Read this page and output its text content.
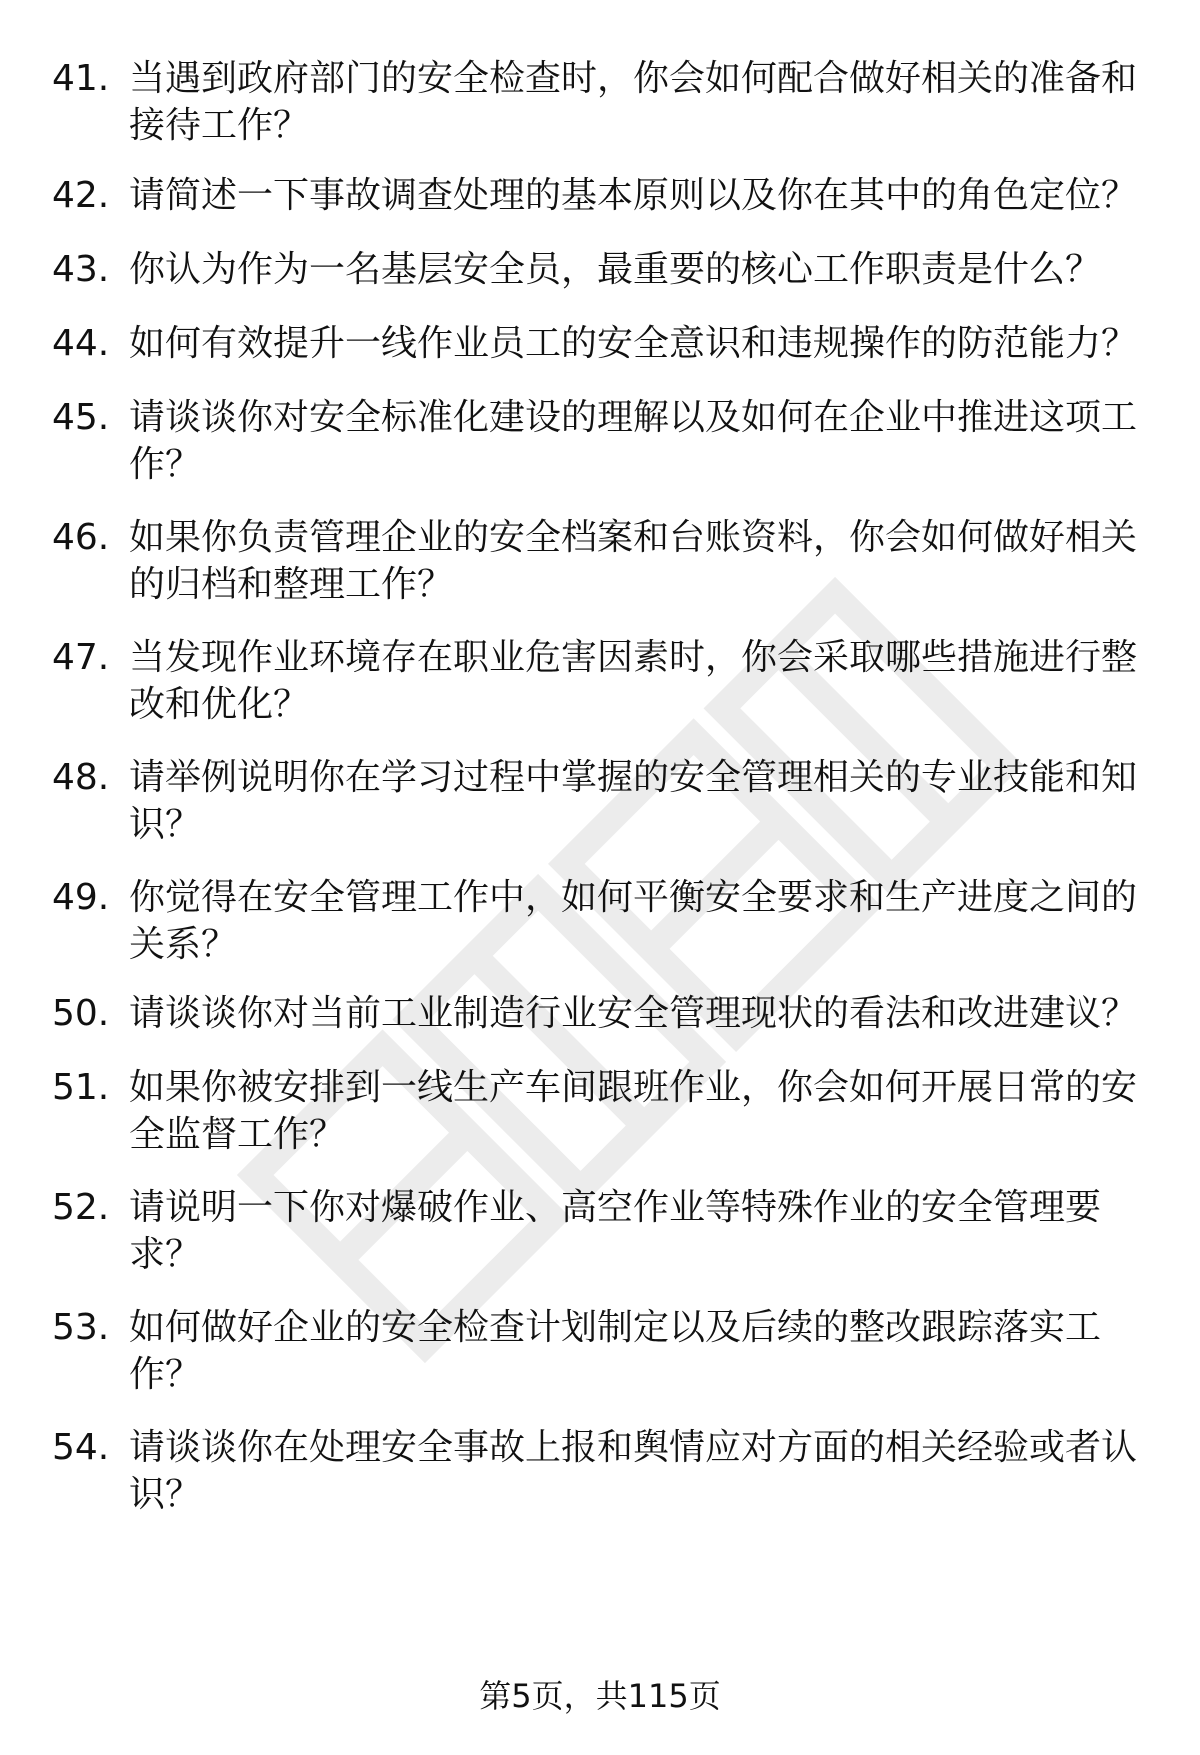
41. 当遇到政府部门的安全检查时，你会如何配合做好相关的准备和接待工作？
42. 请简述一下事故调查处理的基本原则以及你在其中的角色定位？
43. 你认为作为一名基层安全员，最重要的核心工作职责是什么？
44. 如何有效提升一线作业员工的安全意识和违规操作的防范能力？
45. 请谈谈你对安全标准化建设的理解以及如何在企业中推进这项工作？
46. 如果你负责管理企业的安全档案和台账资料，你会如何做好相关的归档和整理工作？
47. 当发现作业环境存在职业危害因素时，你会采取哪些措施进行整改和优化？
48. 请举例说明你在学习过程中掌握的安全管理相关的专业技能和知识？
49. 你觉得在安全管理工作中，如何平衡安全要求和生产进度之间的关系？
50. 请谈谈你对当前工业制造行业安全管理现状的看法和改进建议？
51. 如果你被安排到一线生产车间跟班作业，你会如何开展日常的安全监督工作？
52. 请说明一下你对爆破作业、高空作业等特殊作业的安全管理要求？
53. 如何做好企业的安全检查计划制定以及后续的整改跟踪落实工作？
54. 请谈谈你在处理安全事故上报和舆情应对方面的相关经验或者认识？
第5页，共115页
